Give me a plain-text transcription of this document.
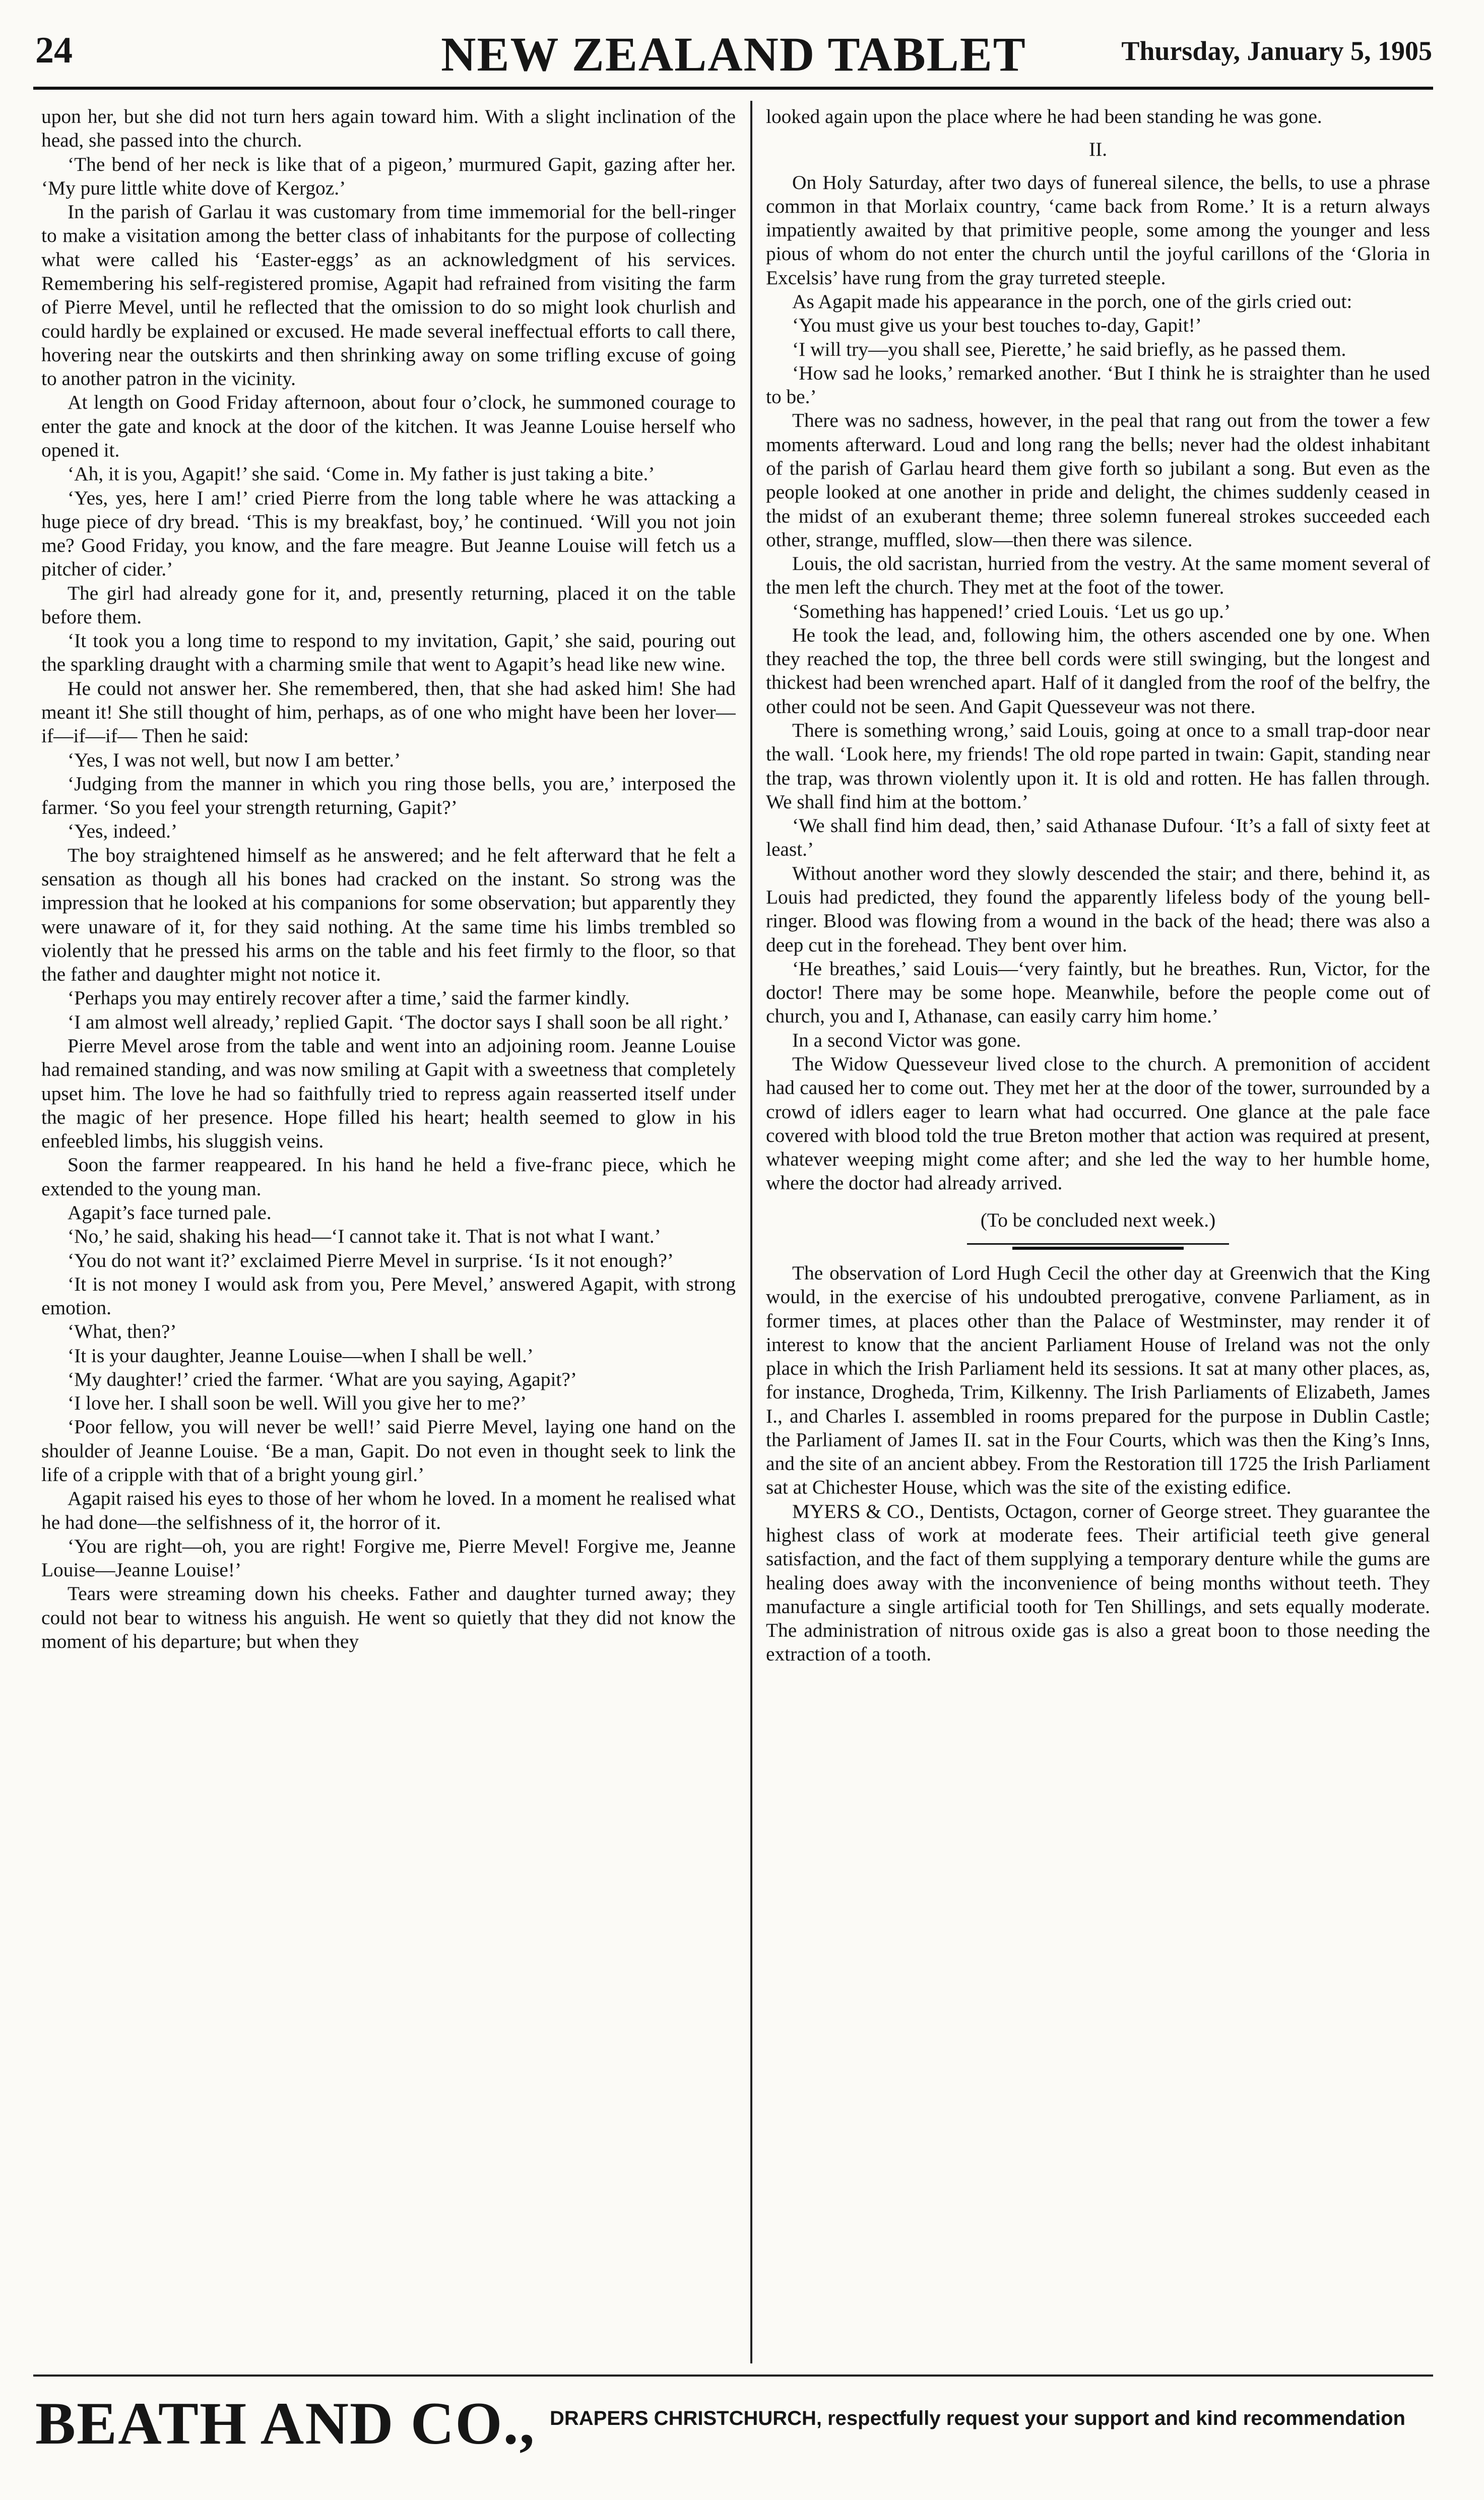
24	NEW ZEALAND TABLET	Thursday, January 5, 1905

upon her, but she did not turn hers again toward him. With a slight inclination of the head, she passed into the church.

‘The bend of her neck is like that of a pigeon,’ murmured Gapit, gazing after her. ‘My pure little white dove of Kergoz.’

In the parish of Garlau it was customary from time immemorial for the bell-ringer to make a visitation among the better class of inhabitants for the purpose of collecting what were called his ‘Easter-eggs’ as an acknowledgment of his services. Remembering his self-registered promise, Agapit had refrained from visiting the farm of Pierre Mevel, until he reflected that the omission to do so might look churlish and could hardly be explained or excused. He made several ineffectual efforts to call there, hovering near the outskirts and then shrinking away on some trifling excuse of going to another patron in the vicinity.

At length on Good Friday afternoon, about four o’clock, he summoned courage to enter the gate and knock at the door of the kitchen. It was Jeanne Louise herself who opened it.

‘Ah, it is you, Agapit!’ she said. ‘Come in. My father is just taking a bite.’

‘Yes, yes, here I am!’ cried Pierre from the long table where he was attacking a huge piece of dry bread. ‘This is my breakfast, boy,’ he continued. ‘Will you not join me? Good Friday, you know, and the fare meagre. But Jeanne Louise will fetch us a pitcher of cider.’

The girl had already gone for it, and, presently returning, placed it on the table before them.

‘It took you a long time to respond to my invitation, Gapit,’ she said, pouring out the sparkling draught with a charming smile that went to Agapit’s head like new wine.

He could not answer her. She remembered, then, that she had asked him! She had meant it! She still thought of him, perhaps, as of one who might have been her lover—if—if—if— Then he said:

‘Yes, I was not well, but now I am better.’

‘Judging from the manner in which you ring those bells, you are,’ interposed the farmer. ‘So you feel your strength returning, Gapit?’

‘Yes, indeed.’

The boy straightened himself as he answered; and he felt afterward that he felt a sensation as though all his bones had cracked on the instant. So strong was the impression that he looked at his companions for some observation; but apparently they were unaware of it, for they said nothing. At the same time his limbs trembled so violently that he pressed his arms on the table and his feet firmly to the floor, so that the father and daughter might not notice it.

‘Perhaps you may entirely recover after a time,’ said the farmer kindly.

‘I am almost well already,’ replied Gapit. ‘The doctor says I shall soon be all right.’

Pierre Mevel arose from the table and went into an adjoining room. Jeanne Louise had remained standing, and was now smiling at Gapit with a sweetness that completely upset him. The love he had so faithfully tried to repress again reasserted itself under the magic of her presence. Hope filled his heart; health seemed to glow in his enfeebled limbs, his sluggish veins.

Soon the farmer reappeared. In his hand he held a five-franc piece, which he extended to the young man.

Agapit’s face turned pale.

‘No,’ he said, shaking his head—‘I cannot take it. That is not what I want.’

‘You do not want it?’ exclaimed Pierre Mevel in surprise. ‘Is it not enough?’

‘It is not money I would ask from you, Pere Mevel,’ answered Agapit, with strong emotion.

‘What, then?’

‘It is your daughter, Jeanne Louise—when I shall be well.’

‘My daughter!’ cried the farmer. ‘What are you saying, Agapit?’

‘I love her. I shall soon be well. Will you give her to me?’

‘Poor fellow, you will never be well!’ said Pierre Mevel, laying one hand on the shoulder of Jeanne Louise. ‘Be a man, Gapit. Do not even in thought seek to link the life of a cripple with that of a bright young girl.’

Agapit raised his eyes to those of her whom he loved. In a moment he realised what he had done—the selfishness of it, the horror of it.

‘You are right—oh, you are right! Forgive me, Pierre Mevel! Forgive me, Jeanne Louise—Jeanne Louise!’

Tears were streaming down his cheeks. Father and daughter turned away; they could not bear to witness his anguish. He went so quietly that they did not know the moment of his departure; but when they

looked again upon the place where he had been standing he was gone.

II.

On Holy Saturday, after two days of funereal silence, the bells, to use a phrase common in that Morlaix country, ‘came back from Rome.’ It is a return always impatiently awaited by that primitive people, some among the younger and less pious of whom do not enter the church until the joyful carillons of the ‘Gloria in Excelsis’ have rung from the gray turreted steeple.

As Agapit made his appearance in the porch, one of the girls cried out:

‘You must give us your best touches to-day, Gapit!’

‘I will try—you shall see, Pierette,’ he said briefly, as he passed them.

‘How sad he looks,’ remarked another. ‘But I think he is straighter than he used to be.’

There was no sadness, however, in the peal that rang out from the tower a few moments afterward. Loud and long rang the bells; never had the oldest inhabitant of the parish of Garlau heard them give forth so jubilant a song. But even as the people looked at one another in pride and delight, the chimes suddenly ceased in the midst of an exuberant theme; three solemn funereal strokes succeeded each other, strange, muffled, slow—then there was silence.

Louis, the old sacristan, hurried from the vestry. At the same moment several of the men left the church. They met at the foot of the tower.

‘Something has happened!’ cried Louis. ‘Let us go up.’

He took the lead, and, following him, the others ascended one by one. When they reached the top, the three bell cords were still swinging, but the longest and thickest had been wrenched apart. Half of it dangled from the roof of the belfry, the other could not be seen. And Gapit Quesseveur was not there.

There is something wrong,’ said Louis, going at once to a small trap-door near the wall. ‘Look here, my friends! The old rope parted in twain: Gapit, standing near the trap, was thrown violently upon it. It is old and rotten. He has fallen through. We shall find him at the bottom.’

‘We shall find him dead, then,’ said Athanase Dufour. ‘It’s a fall of sixty feet at least.’

Without another word they slowly descended the stair; and there, behind it, as Louis had predicted, they found the apparently lifeless body of the young bell-ringer. Blood was flowing from a wound in the back of the head; there was also a deep cut in the forehead. They bent over him.

‘He breathes,’ said Louis—‘very faintly, but he breathes. Run, Victor, for the doctor! There may be some hope. Meanwhile, before the people come out of church, you and I, Athanase, can easily carry him home.’

In a second Victor was gone.

The Widow Quesseveur lived close to the church. A premonition of accident had caused her to come out. They met her at the door of the tower, surrounded by a crowd of idlers eager to learn what had occurred. One glance at the pale face covered with blood told the true Breton mother that action was required at present, whatever weeping might come after; and she led the way to her humble home, where the doctor had already arrived.

(To be concluded next week.)

The observation of Lord Hugh Cecil the other day at Greenwich that the King would, in the exercise of his undoubted prerogative, convene Parliament, as in former times, at places other than the Palace of Westminster, may render it of interest to know that the ancient Parliament House of Ireland was not the only place in which the Irish Parliament held its sessions. It sat at many other places, as, for instance, Drogheda, Trim, Kilkenny. The Irish Parliaments of Elizabeth, James I., and Charles I. assembled in rooms prepared for the purpose in Dublin Castle; the Parliament of James II. sat in the Four Courts, which was then the King’s Inns, and the site of an ancient abbey. From the Restoration till 1725 the Irish Parliament sat at Chichester House, which was the site of the existing edifice.

MYERS & CO., Dentists, Octagon, corner of George street. They guarantee the highest class of work at moderate fees. Their artificial teeth give general satisfaction, and the fact of them supplying a temporary denture while the gums are healing does away with the inconvenience of being months without teeth. They manufacture a single artificial tooth for Ten Shillings, and sets equally moderate. The administration of nitrous oxide gas is also a great boon to those needing the extraction of a tooth.

BEATH AND CO., DRAPERS CHRISTCHURCH, respectfully request your support and kind recommendation
